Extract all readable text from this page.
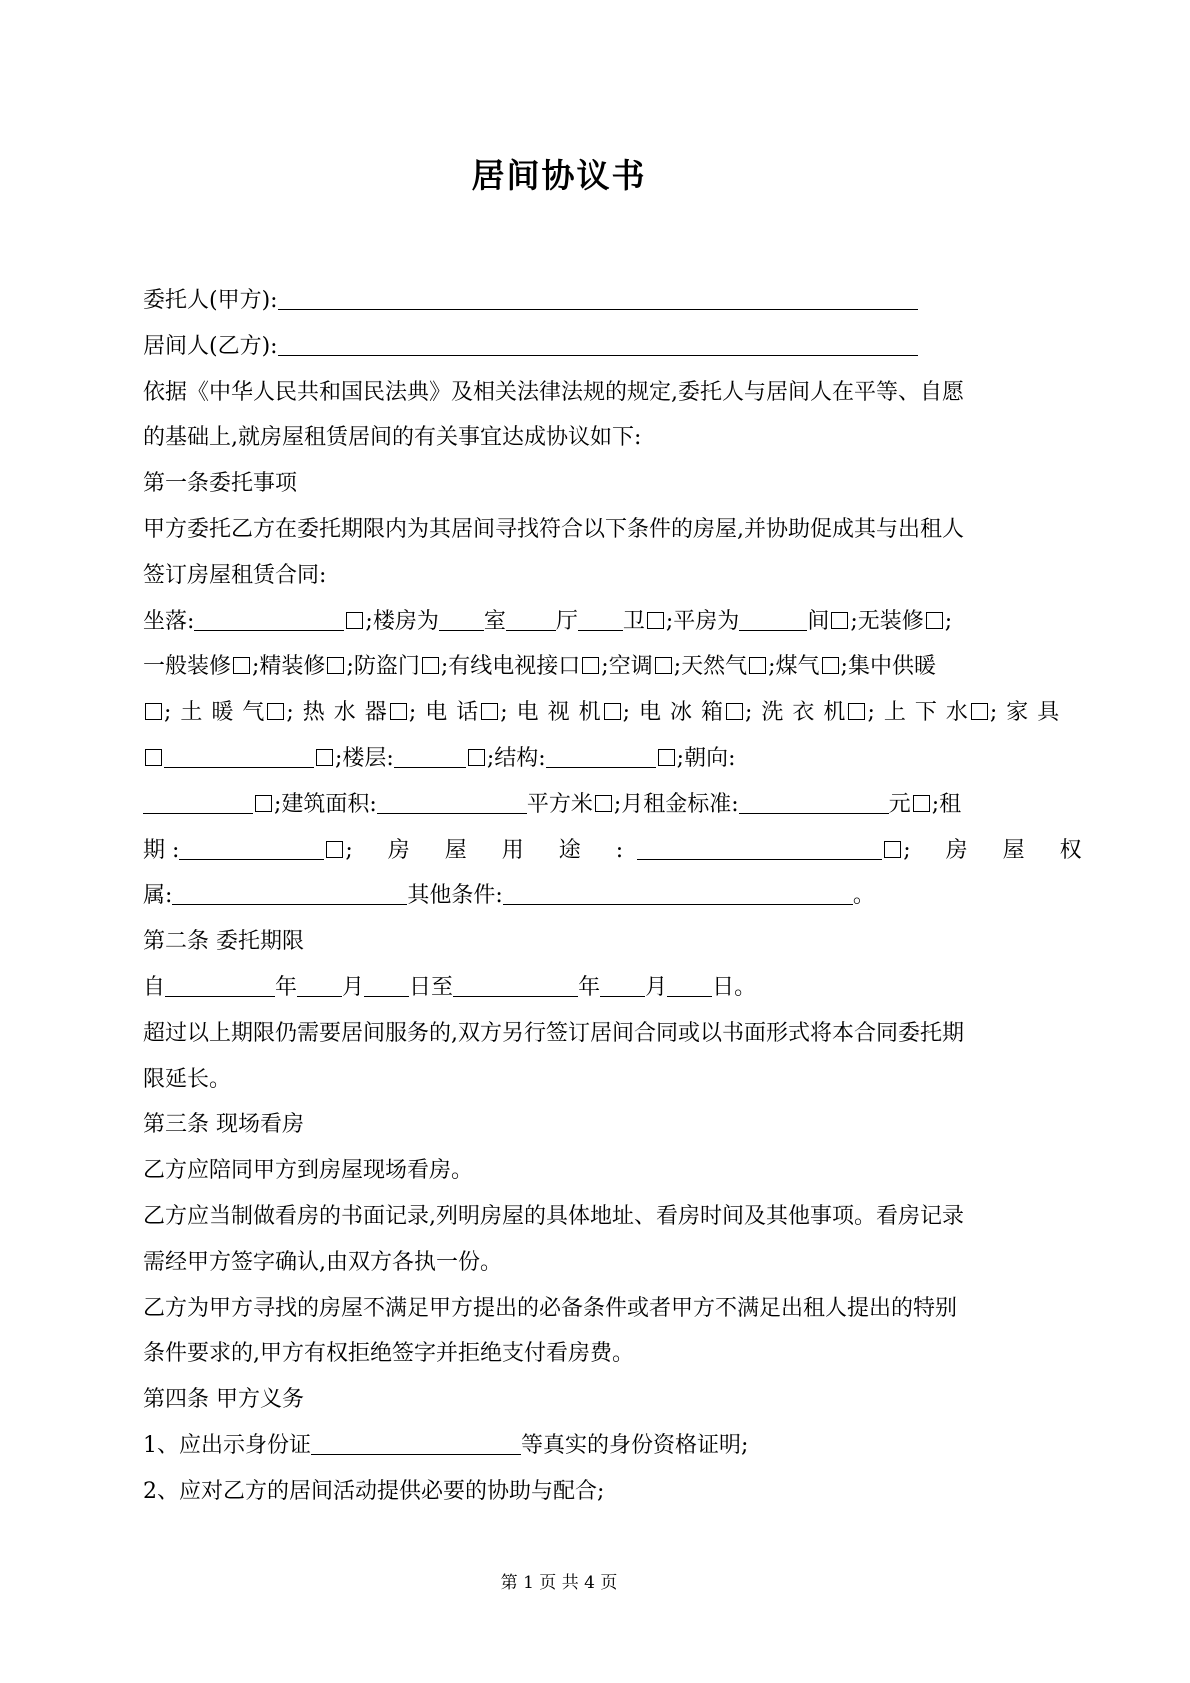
居间协议书
委托人(甲方):
居间人(乙方):
依据《中华人民共和国民法典》及相关法律法规的规定,委托人与居间人在平等、自愿
的基础上,就房屋租赁居间的有关事宜达成协议如下:
第一条委托事项
甲方委托乙方在委托期限内为其居间寻找符合以下条件的房屋,并协助促成其与出租人
签订房屋租赁合同:
坐落:	;楼房为 室 厅 卫 ;平房为	间 ;无装修 ;
一般装修 ;精装修 ;防盗门 ;有线电视接口 ;空调 ;天然气 ;煤气 ;集中供暖
; 土 暖 气 ; 热 水 器 ; 电 话 ; 电 视 机 ; 电 冰 箱 ; 洗 衣 机 ; 上 下 水 ; 家 具
;楼层:	;结构:	;朝向:
;建筑面积:	平方米 ;月租金标准:	元 ;租
期 :	; 房 屋 用 途 :	; 房 屋 权
属:	其他条件:	。
第二条 委托期限
自	年 月 日至	年 月 日。
超过以上期限仍需要居间服务的,双方另行签订居间合同或以书面形式将本合同委托期
限延长。
第三条 现场看房
乙方应陪同甲方到房屋现场看房。
乙方应当制做看房的书面记录,列明房屋的具体地址、看房时间及其他事项。看房记录
需经甲方签字确认,由双方各执一份。
乙方为甲方寻找的房屋不满足甲方提出的必备条件或者甲方不满足出租人提出的特别
条件要求的,甲方有权拒绝签字并拒绝支付看房费。
第四条 甲方义务
1、应出示身份证	等真实的身份资格证明;
2、应对乙方的居间活动提供必要的协助与配合;
第 1 页 共 4 页
